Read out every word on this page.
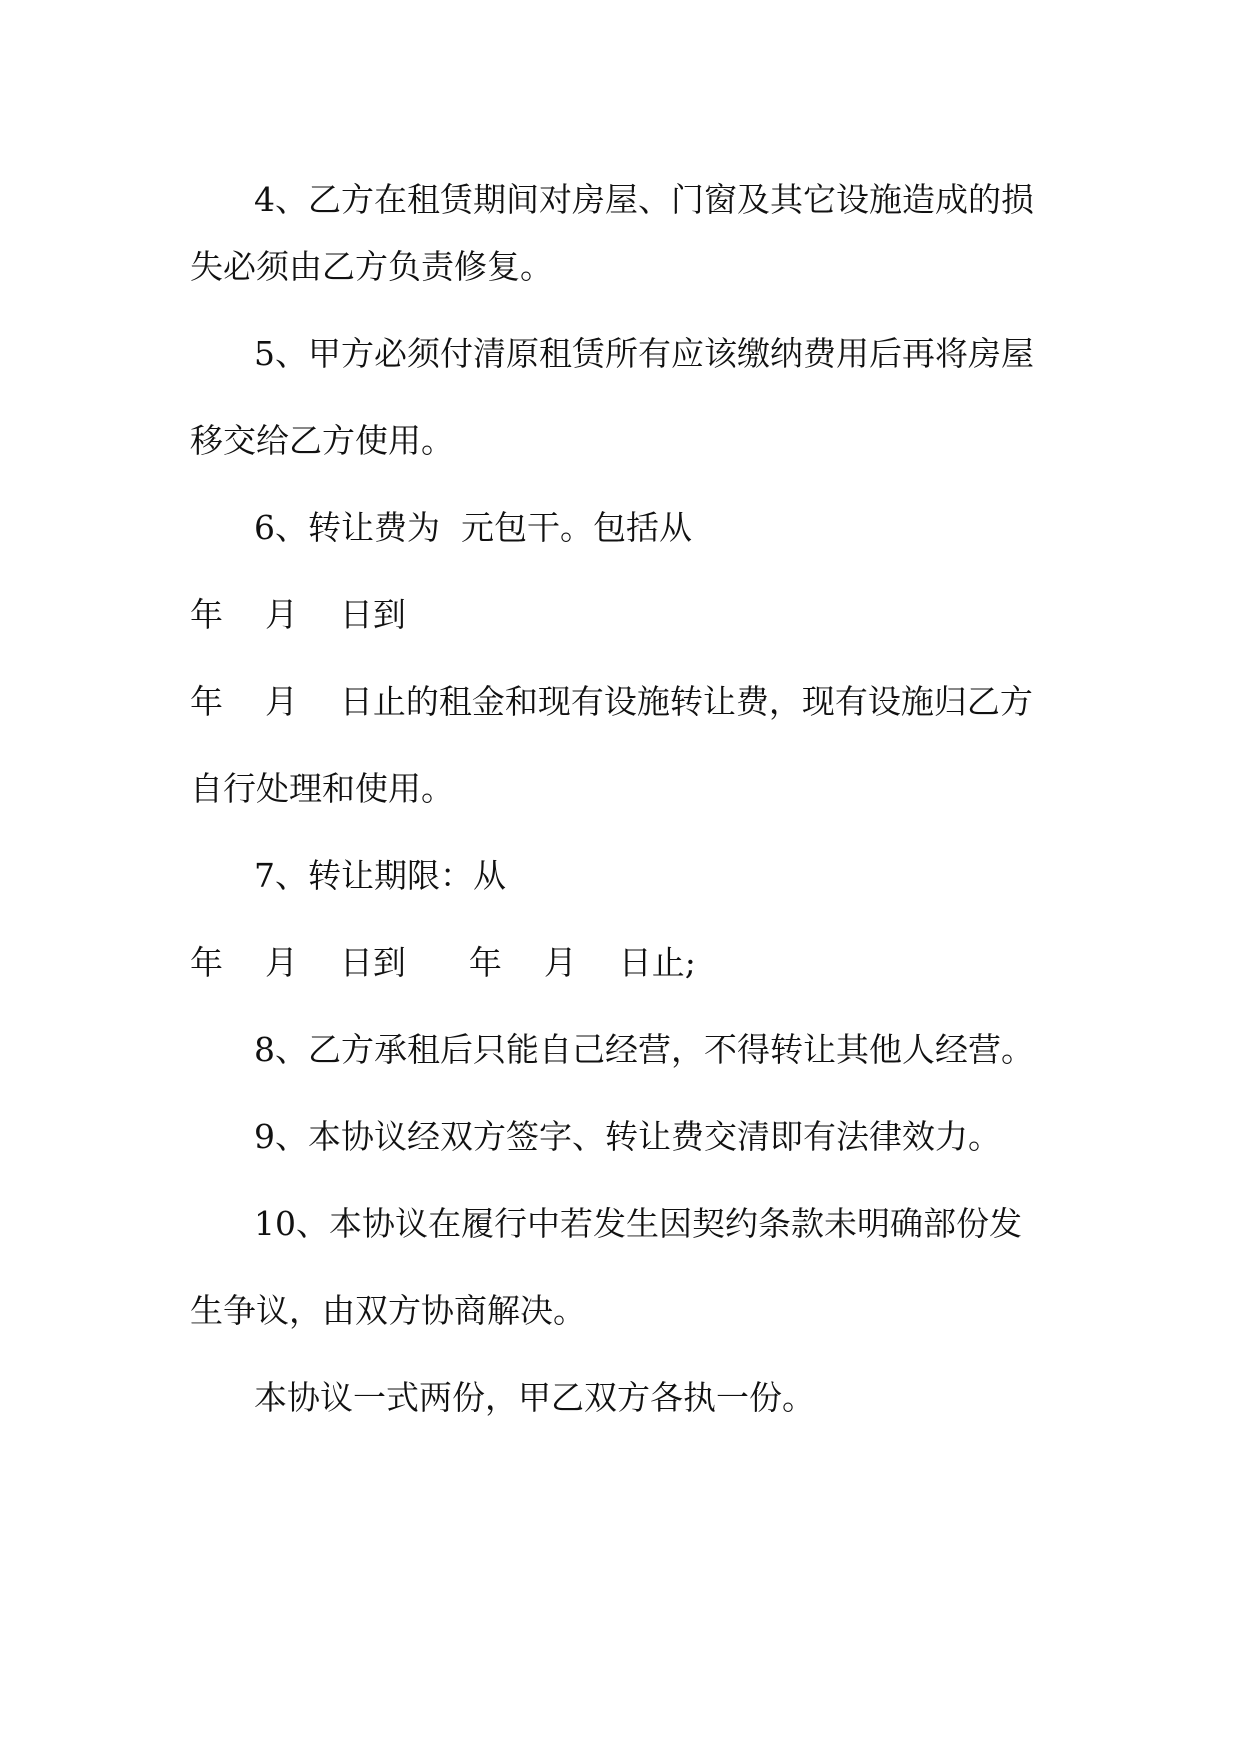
4、乙方在租赁期间对房屋、门窗及其它设施造成的损

失必须由乙方负责修复。

5、甲方必须付清原租赁所有应该缴纳费用后再将房屋

移交给乙方使用。

6、转让费为  元包干。包括从

年    月    日到

年    月    日止的租金和现有设施转让费，现有设施归乙方

自行处理和使用。

7、转让期限：从

年    月    日到      年    月    日止;

8、乙方承租后只能自己经营，不得转让其他人经营。

9、本协议经双方签字、转让费交清即有法律效力。

10、本协议在履行中若发生因契约条款未明确部份发

生争议，由双方协商解决。

本协议一式两份，甲乙双方各执一份。
